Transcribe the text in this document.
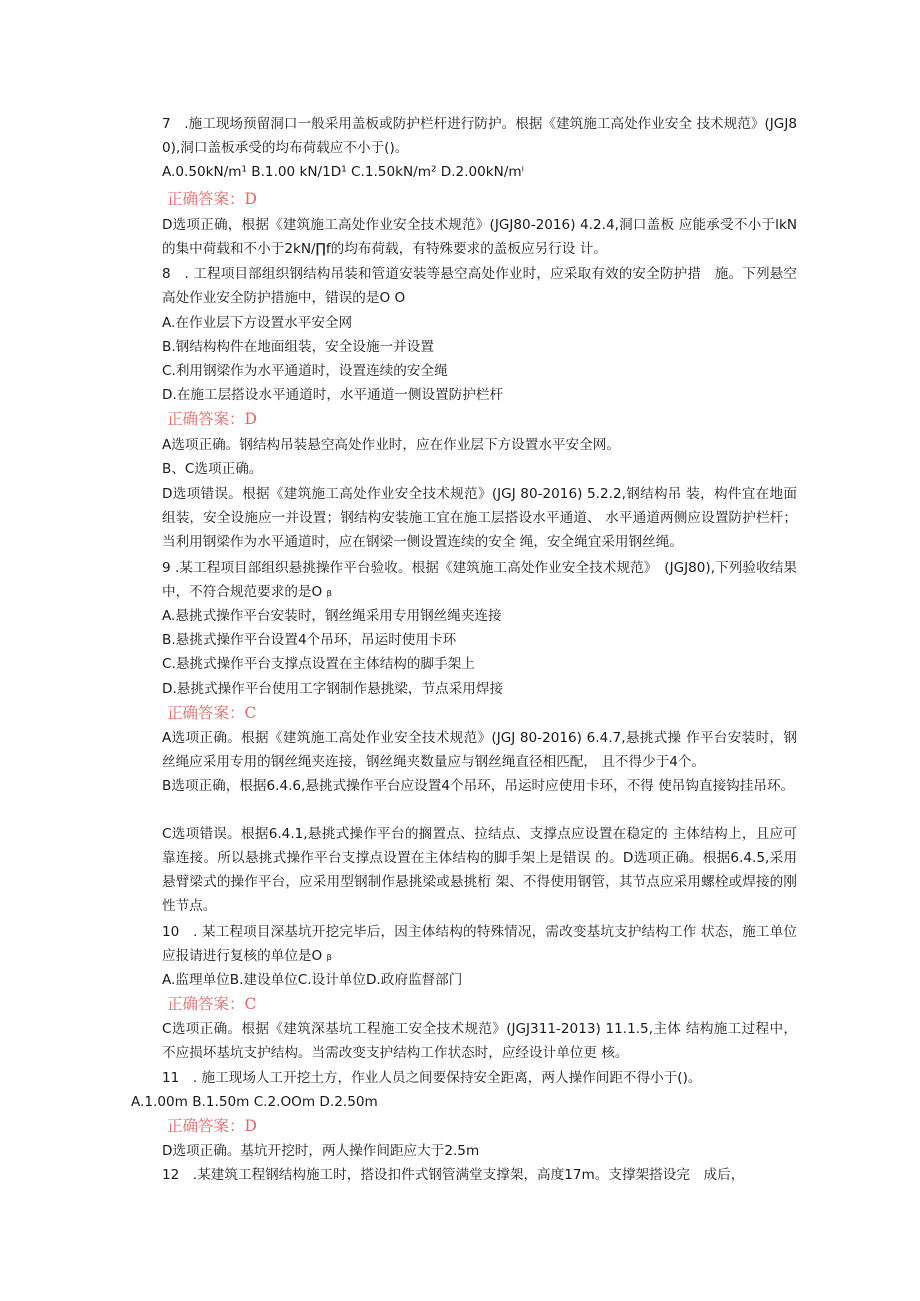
7　.施工现场预留洞口一般采用盖板或防护栏杆进行防护。根据《建筑施工高处作业安全 技术规范》(JGJ80),洞口盖板承受的均布荷载应不小于()。
A.0.50kN/m¹ B.1.00 kN/1D¹ C.1.50kN/m² D.2.00kN/mⁱ
正确答案：D
D选项正确，根据《建筑施工高处作业安全技术规范》(JGJ80-2016) 4.2.4,洞口盖板 应能承受不小于lkN的集中荷载和不小于2kN/∏f的均布荷载，有特殊要求的盖板应另行设 计。
8　. 工程项目部组织钢结构吊装和管道安装等悬空高处作业时，应采取有效的安全防护措　施。下列悬空高处作业安全防护措施中，错误的是O O
A.在作业层下方设置水平安全网
B.钢结构构件在地面组装，安全设施一并设置
C.利用钢梁作为水平通道时，设置连续的安全绳
D.在施工层搭设水平通道时，水平通道一侧设置防护栏杆
正确答案：D
A选项正确。钢结构吊装悬空高处作业时，应在作业层下方设置水平安全网。
B、C选项正确。
D选项错误。根据《建筑施工高处作业安全技术规范》(JGJ 80-2016) 5.2.2,钢结构吊 装，构件宜在地面组装，安全设施应一并设置；钢结构安装施工宜在施工层搭设水平通道、 水平通道两侧应设置防护栏杆；当利用钢梁作为水平通道时，应在钢梁一侧设置连续的安全 绳，安全绳宜采用钢丝绳。
9 .某工程项目部组织悬挑操作平台验收。根据《建筑施工高处作业安全技术规范》　(JGJ80),下列验收结果中，不符合规范要求的是O ᵦ
A.悬挑式操作平台安装时，钢丝绳采用专用钢丝绳夹连接
B.悬挑式操作平台设置4个吊环，吊运时使用卡环
C.悬挑式操作平台支撑点设置在主体结构的脚手架上
D.悬挑式操作平台使用工字钢制作悬挑梁，节点采用焊接
正确答案：C
A选项正确。根据《建筑施工高处作业安全技术规范》(JGJ 80-2016) 6.4.7,悬挑式操 作平台安装时，钢丝绳应采用专用的钢丝绳夹连接，钢丝绳夹数量应与钢丝绳直径相匹配， 且不得少于4个。
B选项正确，根据6.4.6,悬挑式操作平台应设置4个吊环，吊运时应使用卡环，不得 使吊钩直接钩挂吊环。
C选项错误。根据6.4.1,悬挑式操作平台的搁置点、拉结点、支撑点应设置在稳定的 主体结构上，且应可靠连接。所以悬挑式操作平台支撑点设置在主体结构的脚手架上是错误 的。D选项正确。根据6.4.5,采用悬臂梁式的操作平台，应采用型钢制作悬挑梁或悬挑桁 架、不得使用钢管，其节点应采用螺栓或焊接的刚性节点。
10　. 某工程项目深基坑开挖完毕后，因主体结构的特殊情况，需改变基坑支护结构工作 状态，施工单位应报请进行复核的单位是O ᵦ
A.监理单位B.建设单位C.设计单位D.政府监督部门
正确答案：C
C选项正确。根据《建筑深基坑工程施工安全技术规范》(JGJ311-2013) 11.1.5,主体 结构施工过程中，不应损坏基坑支护结构。当需改变支护结构工作状态时，应经设计单位更 核。
11　. 施工现场人工开挖土方，作业人员之间要保持安全距离，两人操作间距不得小于()。
A.1.00m B.1.50m C.2.OOm D.2.50m
正确答案：D
D选项正确。基坑开挖时，两人操作间距应大于2.5m
12　.某建筑工程钢结构施工时，搭设扣件式钢管满堂支撑架，高度17m。支撑架搭设完　成后，
